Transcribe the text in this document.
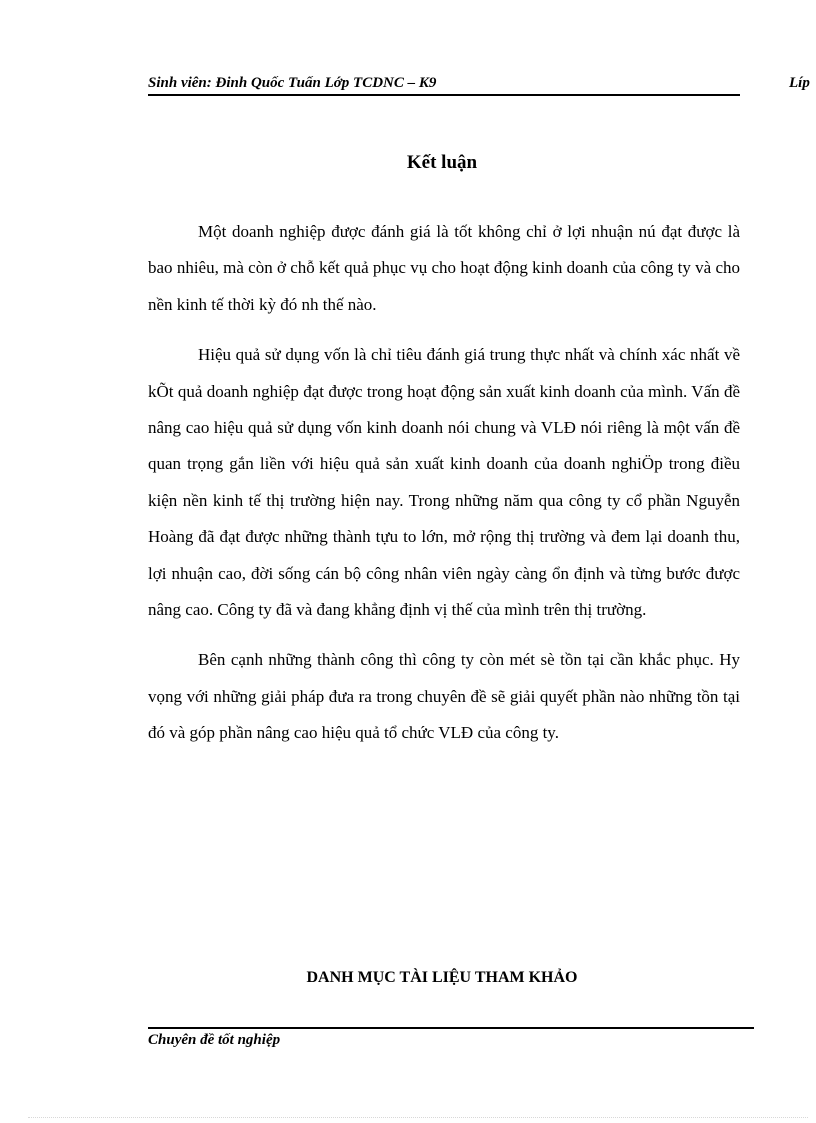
Sinh viên: Đinh Quốc Tuấn Lớp TCDNC – K9	Líp
Kết luận

Một doanh nghiệp được đánh giá là tốt không chỉ ở lợi nhuận nú đạt được là bao nhiêu, mà còn ở chỗ kết quả phục vụ cho hoạt động kinh doanh của công ty và cho nền kinh tế thời kỳ đó nh thế nào.

Hiệu quả sử dụng vốn là chỉ tiêu đánh giá trung thực nhất và chính xác nhất về kÕt quả doanh nghiệp đạt được trong hoạt động sản xuất kinh doanh của mình. Vấn đề nâng cao hiệu quả sử dụng vốn kinh doanh nói chung và VLĐ nói riêng là một vấn đề quan trọng gắn liền với hiệu quả sản xuất kinh doanh của doanh nghiÖp trong điều kiện nền kinh tế thị trường hiện nay. Trong những năm qua công ty cổ phần Nguyễn Hoàng đã đạt được những thành tựu to lớn, mở rộng thị trường và đem lại doanh thu, lợi nhuận cao, đời sống cán bộ công nhân viên ngày càng ổn định và từng bước được nâng cao. Công ty đã và đang khẳng định vị thế của mình trên thị trường.

Bên cạnh những thành công thì công ty còn mét sè tồn tại cần khắc phục. Hy vọng với những giải pháp đưa ra trong chuyên đề sẽ giải quyết phần nào những tồn tại đó và góp phần nâng cao hiệu quả tổ chức VLĐ của công ty.

DANH MỤC TÀI LIỆU THAM KHẢO
Chuyên đề tốt nghiệp
